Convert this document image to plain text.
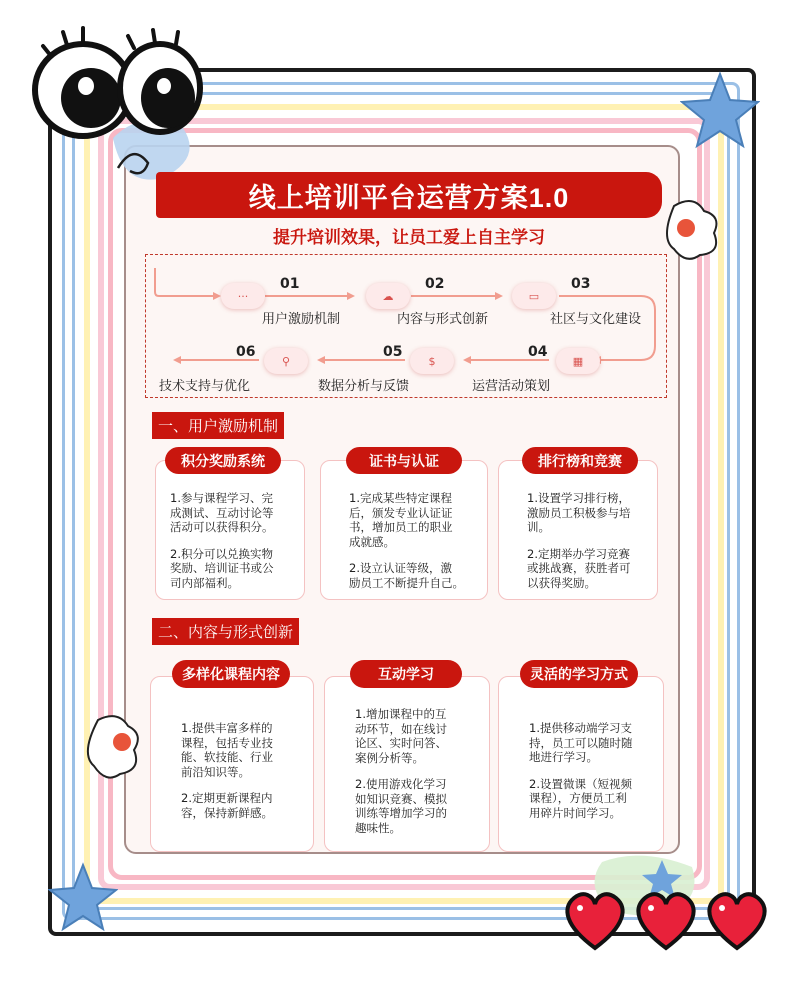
线上培训平台运营方案1.0
提升培训效果，让员工爱上自主学习
···
01
用户激励机制
☁
02
内容与形式创新
▭
03
社区与文化建设
▦
04
运营活动策划
$
05
数据分析与反馈
⚲
06
技术支持与优化
一、用户激励机制

1.参与课程学习、完
成测试、互动讨论等
活动可以获得积分。

2.积分可以兑换实物
奖励、培训证书或公
司内部福利。

积分奖励系统

1.完成某些特定课程
后，颁发专业认证证
书，增加员工的职业
成就感。

2.设立认证等级，激
励员工不断提升自己。

证书与认证

1.设置学习排行榜，
激励员工积极参与培
训。

2.定期举办学习竞赛
或挑战赛，获胜者可
以获得奖励。

排行榜和竞赛
二、内容与形式创新

1.提供丰富多样的
课程，包括专业技
能、软技能、行业
前沿知识等。

2.定期更新课程内
容，保持新鲜感。

多样化课程内容

1.增加课程中的互
动环节，如在线讨
论区、实时问答、
案例分析等。

2.使用游戏化学习
如知识竞赛、模拟
训练等增加学习的
趣味性。

互动学习

1.提供移动端学习支
持，员工可以随时随
地进行学习。

2.设置微课（短视频
课程），方便员工利
用碎片时间学习。

灵活的学习方式
